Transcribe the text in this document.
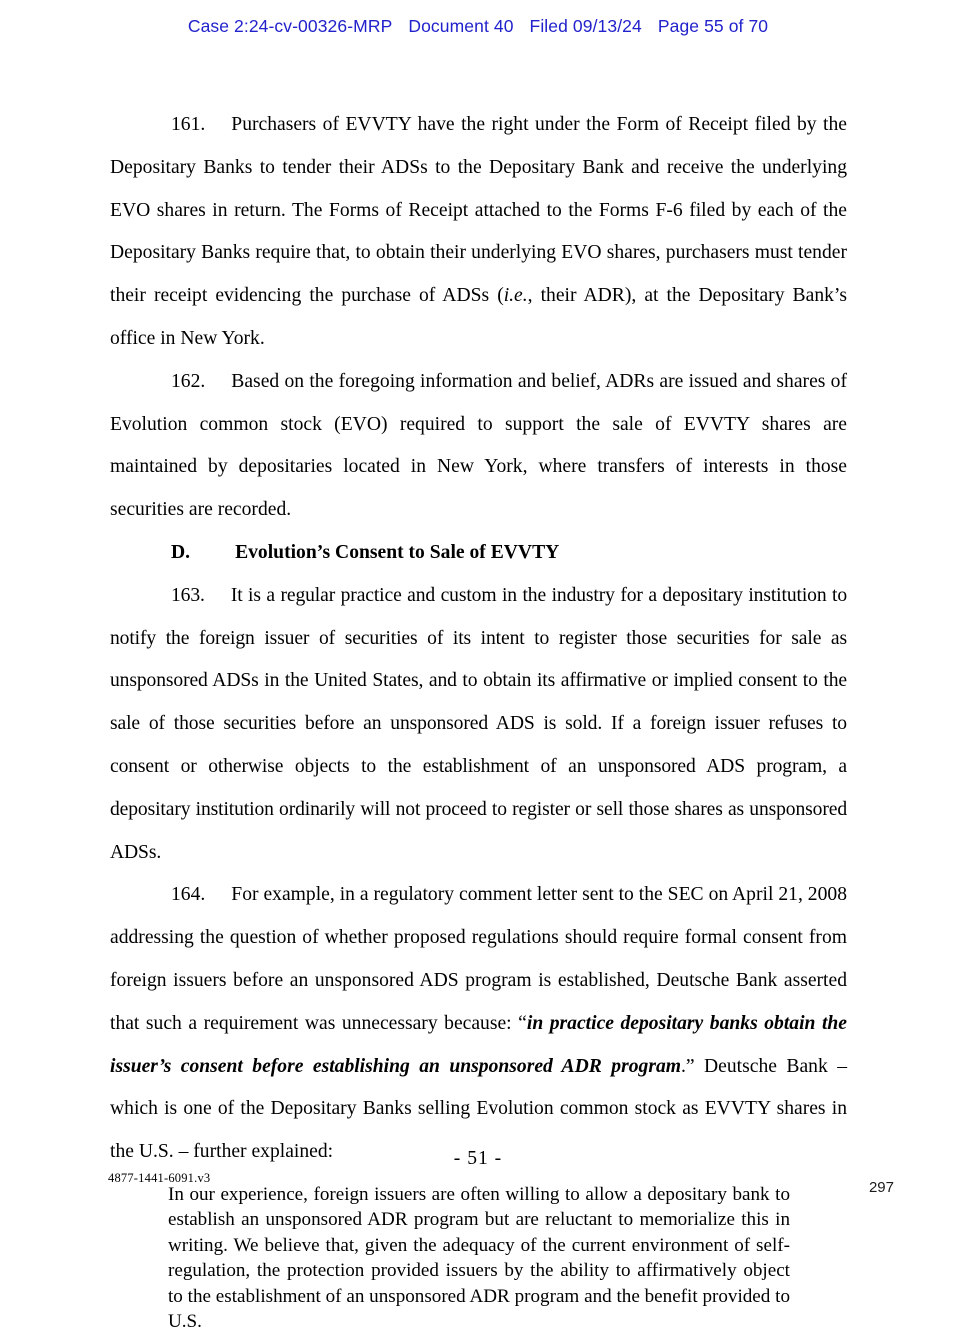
Case 2:24-cv-00326-MRP Document 40 Filed 09/13/24 Page 55 of 70

161. Purchasers of EVVTY have the right under the Form of Receipt filed by the Depositary Banks to tender their ADSs to the Depositary Bank and receive the underlying EVO shares in return. The Forms of Receipt attached to the Forms F-6 filed by each of the Depositary Banks require that, to obtain their underlying EVO shares, purchasers must tender their receipt evidencing the purchase of ADSs (i.e., their ADR), at the Depositary Bank’s office in New York.

162. Based on the foregoing information and belief, ADRs are issued and shares of Evolution common stock (EVO) required to support the sale of EVVTY shares are maintained by depositaries located in New York, where transfers of interests in those securities are recorded.

D. Evolution’s Consent to Sale of EVVTY

163. It is a regular practice and custom in the industry for a depositary institution to notify the foreign issuer of securities of its intent to register those securities for sale as unsponsored ADSs in the United States, and to obtain its affirmative or implied consent to the sale of those securities before an unsponsored ADS is sold. If a foreign issuer refuses to consent or otherwise objects to the establishment of an unsponsored ADS program, a depositary institution ordinarily will not proceed to register or sell those shares as unsponsored ADSs.

164. For example, in a regulatory comment letter sent to the SEC on April 21, 2008 addressing the question of whether proposed regulations should require formal consent from foreign issuers before an unsponsored ADS program is established, Deutsche Bank asserted that such a requirement was unnecessary because: “in practice depositary banks obtain the issuer’s consent before establishing an unsponsored ADR program.” Deutsche Bank – which is one of the Depositary Banks selling Evolution common stock as EVVTY shares in the U.S. – further explained:

In our experience, foreign issuers are often willing to allow a depositary bank to establish an unsponsored ADR program but are reluctant to memorialize this in writing. We believe that, given the adequacy of the current environment of self-regulation, the protection provided issuers by the ability to affirmatively object to the establishment of an unsponsored ADR program and the benefit provided to U.S.

- 51 -
4877-1441-6091.v3
297
